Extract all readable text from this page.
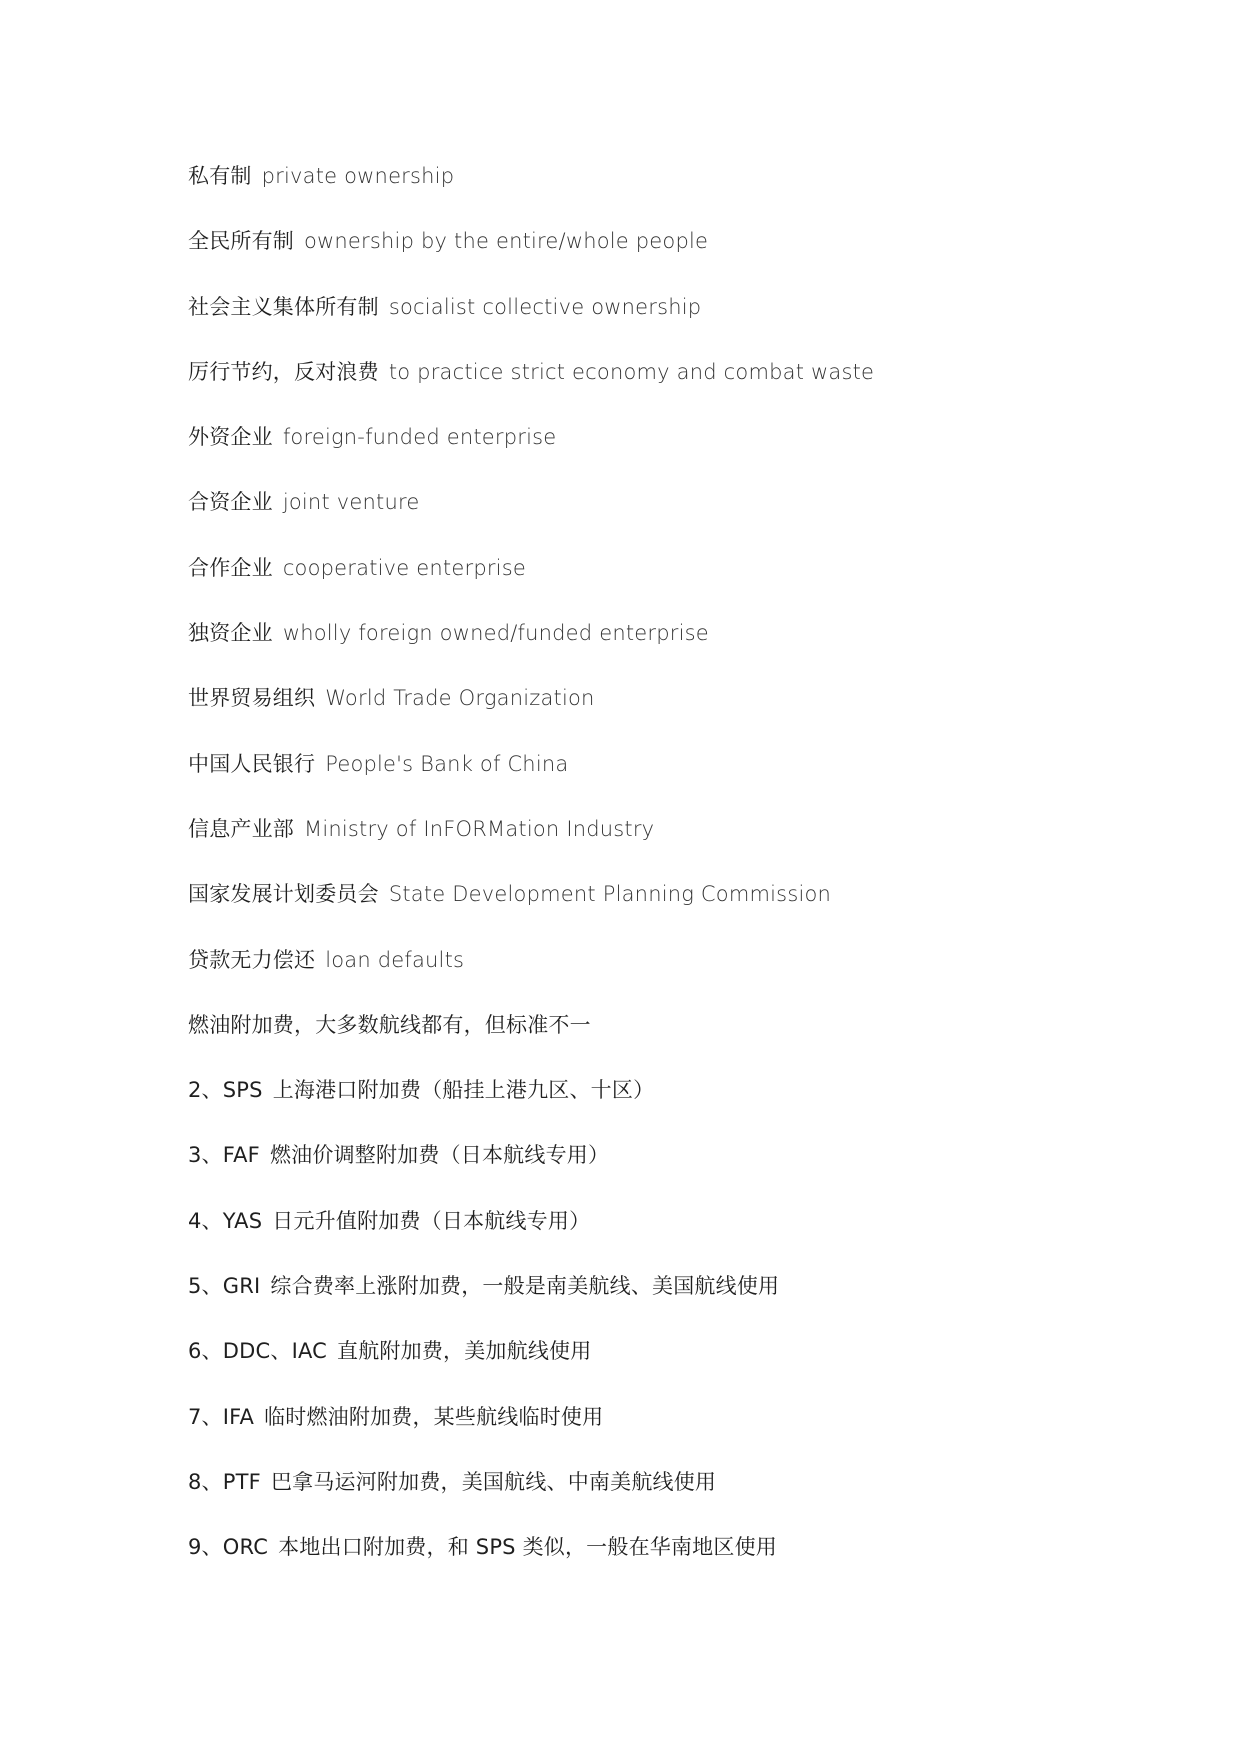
私有制 private ownership
全民所有制 ownership by the entire/whole people
社会主义集体所有制 socialist collective ownership
厉行节约，反对浪费 to practice strict economy and combat waste
外资企业 foreign-funded enterprise
合资企业 joint venture
合作企业 cooperative enterprise
独资企业 wholly foreign owned/funded enterprise
世界贸易组织 World Trade Organization
中国人民银行 People's Bank of China
信息产业部 Ministry of InFORMation Industry
国家发展计划委员会 State Development Planning Commission
贷款无力偿还 loan defaults
燃油附加费，大多数航线都有，但标准不一
2、SPS 上海港口附加费（船挂上港九区、十区）
3、FAF 燃油价调整附加费（日本航线专用）
4、YAS 日元升值附加费（日本航线专用）
5、GRI 综合费率上涨附加费，一般是南美航线、美国航线使用
6、DDC、IAC 直航附加费，美加航线使用
7、IFA 临时燃油附加费，某些航线临时使用
8、PTF 巴拿马运河附加费，美国航线、中南美航线使用
9、ORC 本地出口附加费，和 SPS 类似，一般在华南地区使用
